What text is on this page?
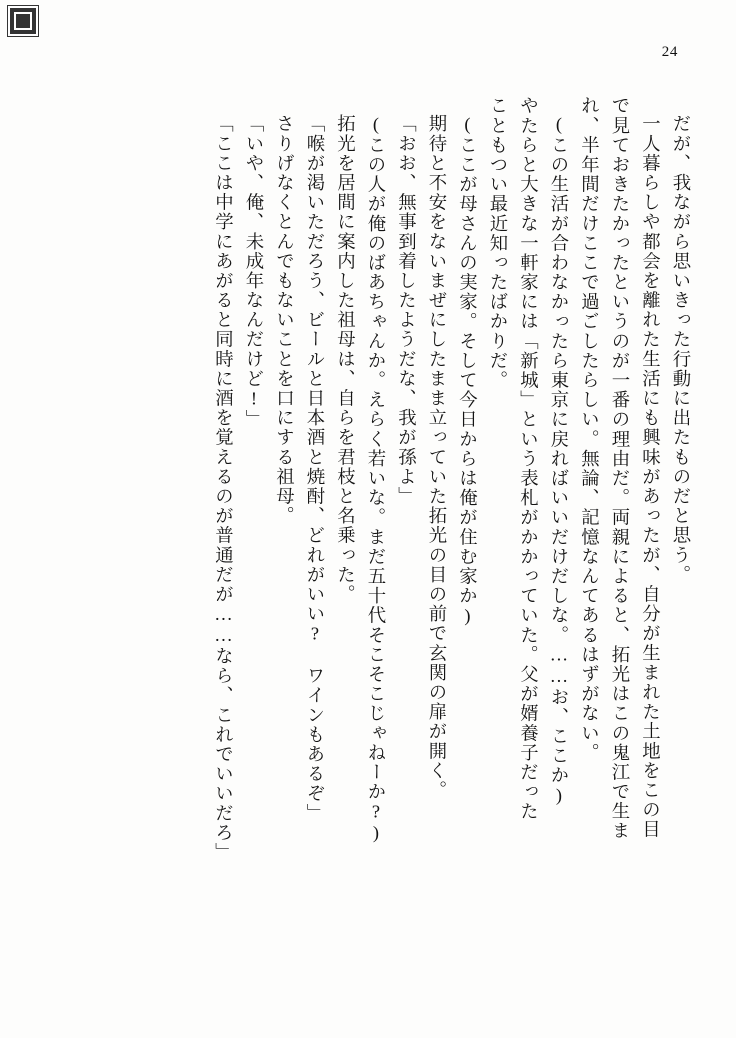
24
だが、我ながら思いきった行動に出たものだと思う。
一人暮らしや都会を離れた生活にも興味があったが、自分が生まれた土地をこの目
で見ておきたかったというのが一番の理由だ。両親によると、拓光はこの鬼江で生ま
れ、半年間だけここで過ごしたらしい。無論、記憶なんてあるはずがない。
(この生活が合わなかったら東京に戻ればいいだけだしな。……お、ここか)
やたらと大きな一軒家には「新城」という表札がかかっていた。父が婿養子だった
こともつい最近知ったばかりだ。
(ここが母さんの実家。そして今日からは俺が住む家か)
期待と不安をないまぜにしたまま立っていた拓光の目の前で玄関の扉が開く。
「おお、無事到着したようだな、我が孫よ」
(この人が俺のばあちゃんか。えらく若いな。まだ五十代そこそこじゃねーか?)
拓光を居間に案内した祖母は、自らを君枝と名乗った。
「喉が渇いただろう、ビールと日本酒と焼酎、どれがいい? ワインもあるぞ」
さりげなくとんでもないことを口にする祖母。
「いや、俺、未成年なんだけど!」
「ここは中学にあがると同時に酒を覚えるのが普通だが……なら、これでいいだろ」
